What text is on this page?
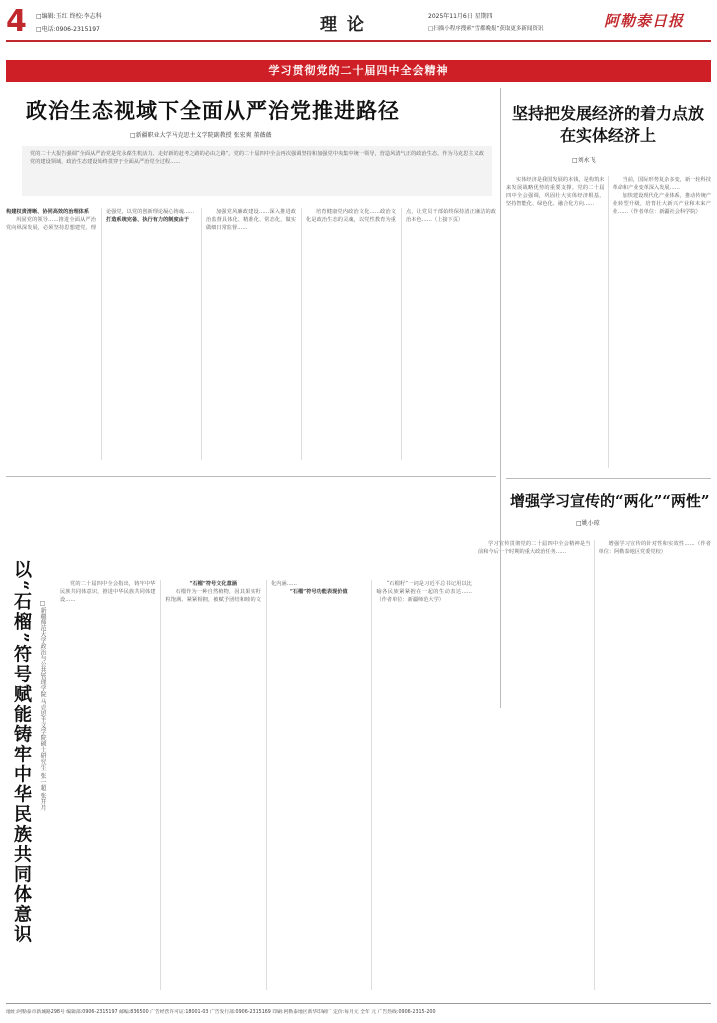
4 □编辑:玉红 终校:李志科
□电话:0906-2315197	理 论	2025年11月6日 星期四
□扫描小程序搜索“雪都晚报”获取更多新闻资讯	阿勒泰日报
学习贯彻党的二十届四中全会精神
政治生态视域下全面从严治党推进路径
□新疆职业大学马克思主义学院副教授 张宏爽 董薇薇
党的二十大报告强调“全面从严治党是党永葆生机活力、走好新的赶考之路的必由之路”。党的二十届四中全会再次强调坚持和加强党中央集中统一领导，营造风清气正的政治生态。作为马克思主义政党的建设领域，政治生态建设始终贯穿于全面从严治党全过程……

构建权责清晰、协同高效的治理体系

巩固党的领导……推进全面从严治党向纵深发展，必须坚持思想建党、理论强党，以党的创新理论凝心铸魂……

打造系统完备、执行有力的制度由于

加强党风廉政建设……深入推进政治监督具体化、精准化、常态化，做实做细日常监督……

培育健康党内政治文化……政治文化是政治生态的灵魂，以党性教育为重点，让党员干部始终保持清正廉洁的政治本色……（上接下页）

坚持把发展经济的着力点放在实体经济上
□刘永飞

实体经济是我国发展的本钱，是构筑未来发展战略优势的重要支撑。党的二十届四中全会强调，巩固壮大实体经济根基，坚持智能化、绿色化、融合化方向……

当前，国际形势复杂多变，新一轮科技革命和产业变革深入发展……

加快建设现代化产业体系，推动传统产业转型升级，培育壮大新兴产业和未来产业……（作者单位：新疆社会科学院）

增强学习宣传的“两化”“两性”
□姚小琼
以“石榴”符号赋能铸牢中华民族共同体意识 □新疆师范大学政治与公共管理学院 马克思主义学院硕士研究生 张一超 张开月

党的二十届四中全会指出，铸牢中华民族共同体意识，推进中华民族共同体建设……

“石榴”符号文化意涵

石榴作为一种自然植物，因其果实籽粒饱满、紧紧相拥，被赋予团结和睦的文化内涵……

“石榴”符号功能表现价值

“石榴籽”一词是习近平总书记用以比喻各民族紧紧抱在一起的生动表达……（作者单位：新疆师范大学）

学习宣传贯彻党的二十届四中全会精神是当前和今后一个时期的重大政治任务……

增强学习宣传的针对性和实效性……（作者单位：阿勒泰地区党委党校）

地址:阿勒泰市新城路298号 编辑部:0906-2315197 邮编:836500 广告经营许可证:18001-03 广告发行部:0906-2315169 印刷:阿勒泰地区新华印刷厂 定价:每月元 全年 元 广告热线:0906-2315-200
